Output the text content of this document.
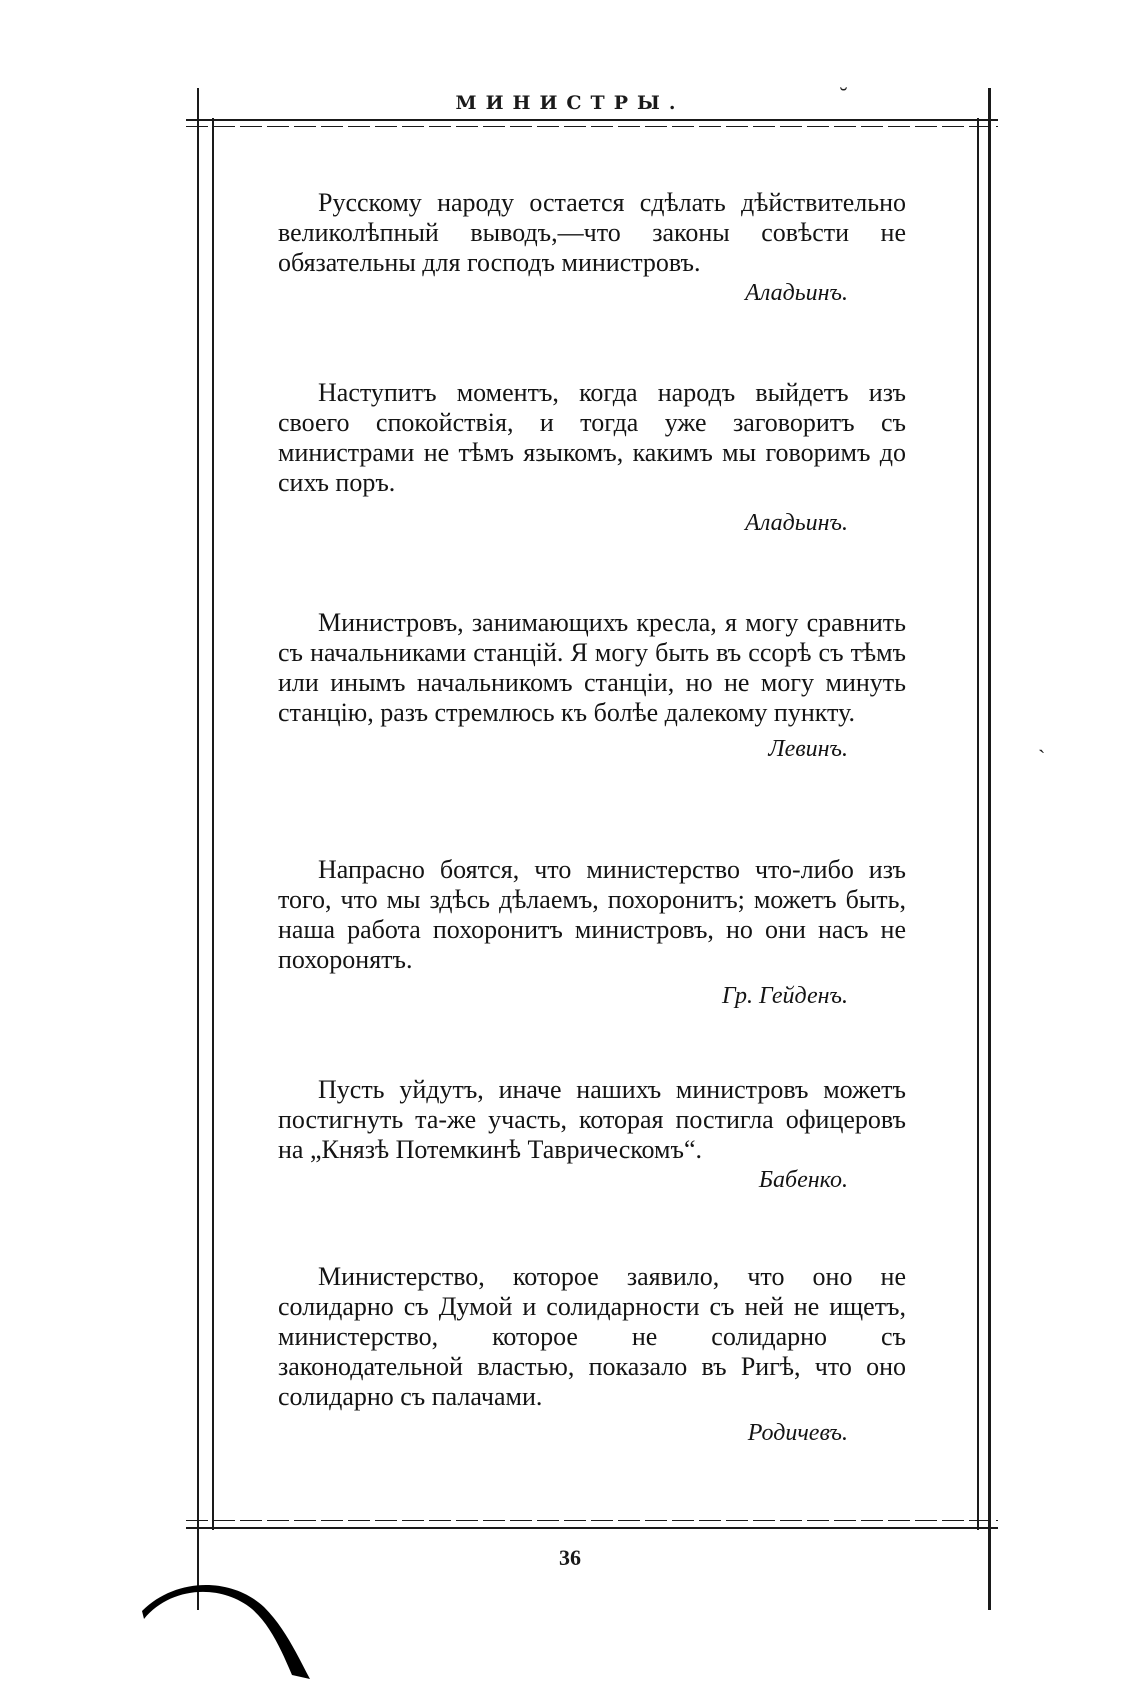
МИНИСТРЫ.	˘
ˏ

Русскому народу остается сдѣлать дѣйствительно великолѣпный выводъ,—что законы совѣсти не обязательны для господъ министровъ.

Аладьинъ.

Наступитъ моментъ, когда народъ выйдетъ изъ своего спокойствія, и тогда уже заговоритъ съ министрами не тѣмъ языкомъ, какимъ мы говоримъ до сихъ поръ.

Аладьинъ.

Министровъ, занимающихъ кресла, я могу сравнить съ начальниками станцій. Я могу быть въ ссорѣ съ тѣмъ или инымъ начальникомъ станціи, но не могу минуть станцію, разъ стремлюсь къ болѣе далекому пункту.

Левинъ.

Напрасно боятся, что министерство что-либо изъ того, что мы здѣсь дѣлаемъ, похоронитъ; можетъ быть, наша работа похоронитъ министровъ, но они насъ не похоронятъ.

Гр. Гейденъ.

Пусть уйдутъ, иначе нашихъ министровъ можетъ постигнуть та-же участь, которая постигла офицеровъ на „Князѣ Потемкинѣ Таврическомъ“.

Бабенко.

Министерство, которое заявило, что оно не солидарно съ Думой и солидарности съ ней не ищетъ, министерство, которое не солидарно съ законодательной властью, показало въ Ригѣ, что оно солидарно съ палачами.

Родичевъ.

36
